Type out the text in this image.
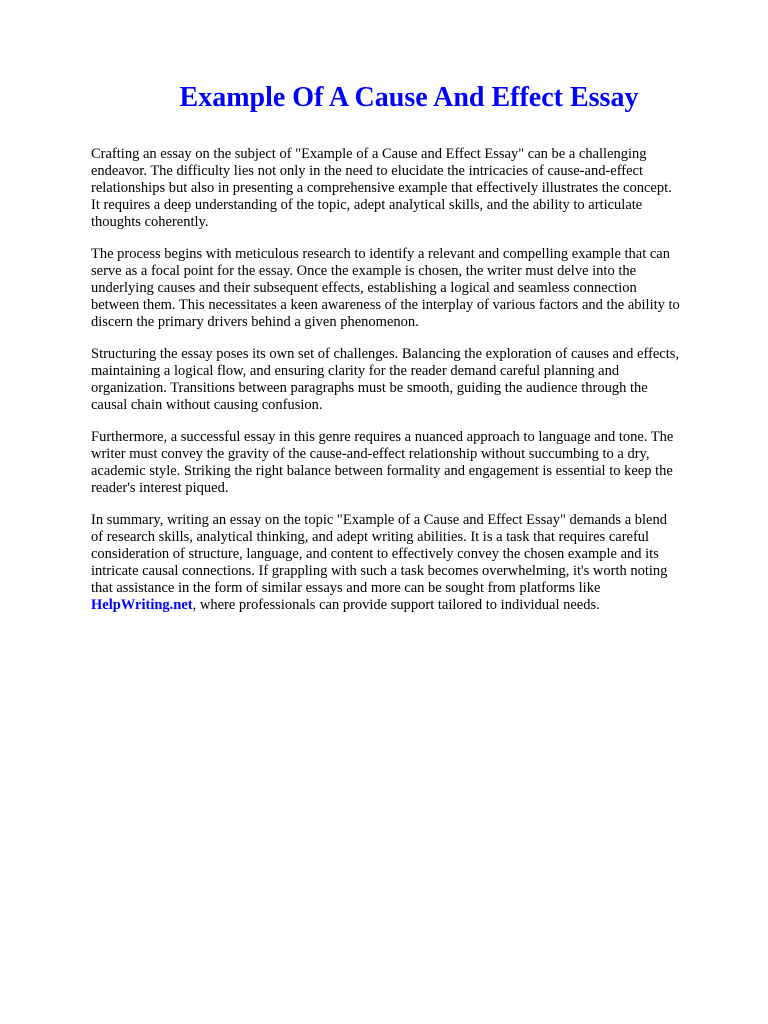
Example Of A Cause And Effect Essay

Crafting an essay on the subject of "Example of a Cause and Effect Essay" can be a challenging
endeavor. The difficulty lies not only in the need to elucidate the intricacies of cause-and-effect
relationships but also in presenting a comprehensive example that effectively illustrates the concept.
It requires a deep understanding of the topic, adept analytical skills, and the ability to articulate
thoughts coherently.

The process begins with meticulous research to identify a relevant and compelling example that can
serve as a focal point for the essay. Once the example is chosen, the writer must delve into the
underlying causes and their subsequent effects, establishing a logical and seamless connection
between them. This necessitates a keen awareness of the interplay of various factors and the ability to
discern the primary drivers behind a given phenomenon.

Structuring the essay poses its own set of challenges. Balancing the exploration of causes and effects,
maintaining a logical flow, and ensuring clarity for the reader demand careful planning and
organization. Transitions between paragraphs must be smooth, guiding the audience through the
causal chain without causing confusion.

Furthermore, a successful essay in this genre requires a nuanced approach to language and tone. The
writer must convey the gravity of the cause-and-effect relationship without succumbing to a dry,
academic style. Striking the right balance between formality and engagement is essential to keep the
reader's interest piqued.

In summary, writing an essay on the topic "Example of a Cause and Effect Essay" demands a blend
of research skills, analytical thinking, and adept writing abilities. It is a task that requires careful
consideration of structure, language, and content to effectively convey the chosen example and its
intricate causal connections. If grappling with such a task becomes overwhelming, it's worth noting
that assistance in the form of similar essays and more can be sought from platforms like
HelpWriting.net, where professionals can provide support tailored to individual needs.
